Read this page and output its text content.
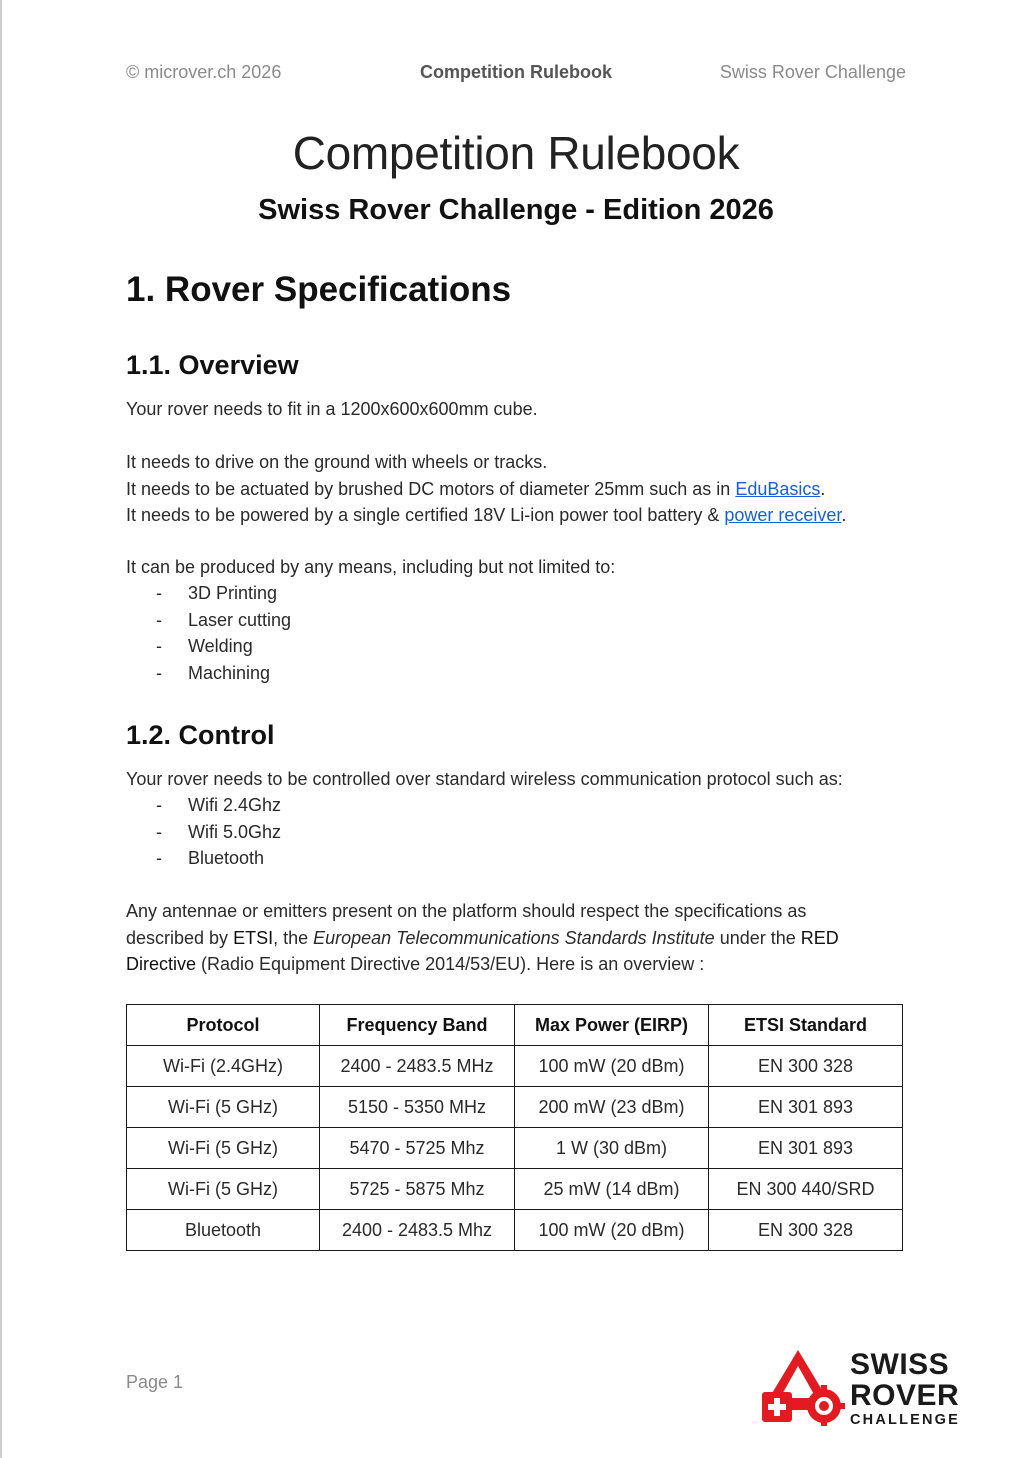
© microver.ch 2026	Competition Rulebook	Swiss Rover Challenge
Competition Rulebook
Swiss Rover Challenge - Edition 2026
1. Rover Specifications
1.1. Overview

Your rover needs to fit in a 1200x600x600mm cube.

It needs to drive on the ground with wheels or tracks.
It needs to be actuated by brushed DC motors of diameter 25mm such as in EduBasics.
It needs to be powered by a single certified 18V Li-ion power tool battery & power receiver.

It can be produced by any means, including but not limited to:

- 3D Printing
- Laser cutting
- Welding
- Machining
1.2. Control

Your rover needs to be controlled over standard wireless communication protocol such as:

- Wifi 2.4Ghz
- Wifi 5.0Ghz
- Bluetooth

Any antennae or emitters present on the platform should respect the specifications as
described by ETSI, the European Telecommunications Standards Institute under the RED
Directive (Radio Equipment Directive 2014/53/EU). Here is an overview :

Protocol	Frequency Band	Max Power (EIRP)	ETSI Standard
Wi-Fi (2.4GHz)	2400 - 2483.5 MHz	100 mW (20 dBm)	EN 300 328
Wi-Fi (5 GHz)	5150 - 5350 MHz	200 mW (23 dBm)	EN 301 893
Wi-Fi (5 GHz)	5470 - 5725 Mhz	1 W (30 dBm)	EN 301 893
Wi-Fi (5 GHz)	5725 - 5875 Mhz	25 mW (14 dBm)	EN 300 440/SRD
Bluetooth	2400 - 2483.5 Mhz	100 mW (20 dBm)	EN 300 328
Page 1
SWISS
ROVER
CHALLENGE
